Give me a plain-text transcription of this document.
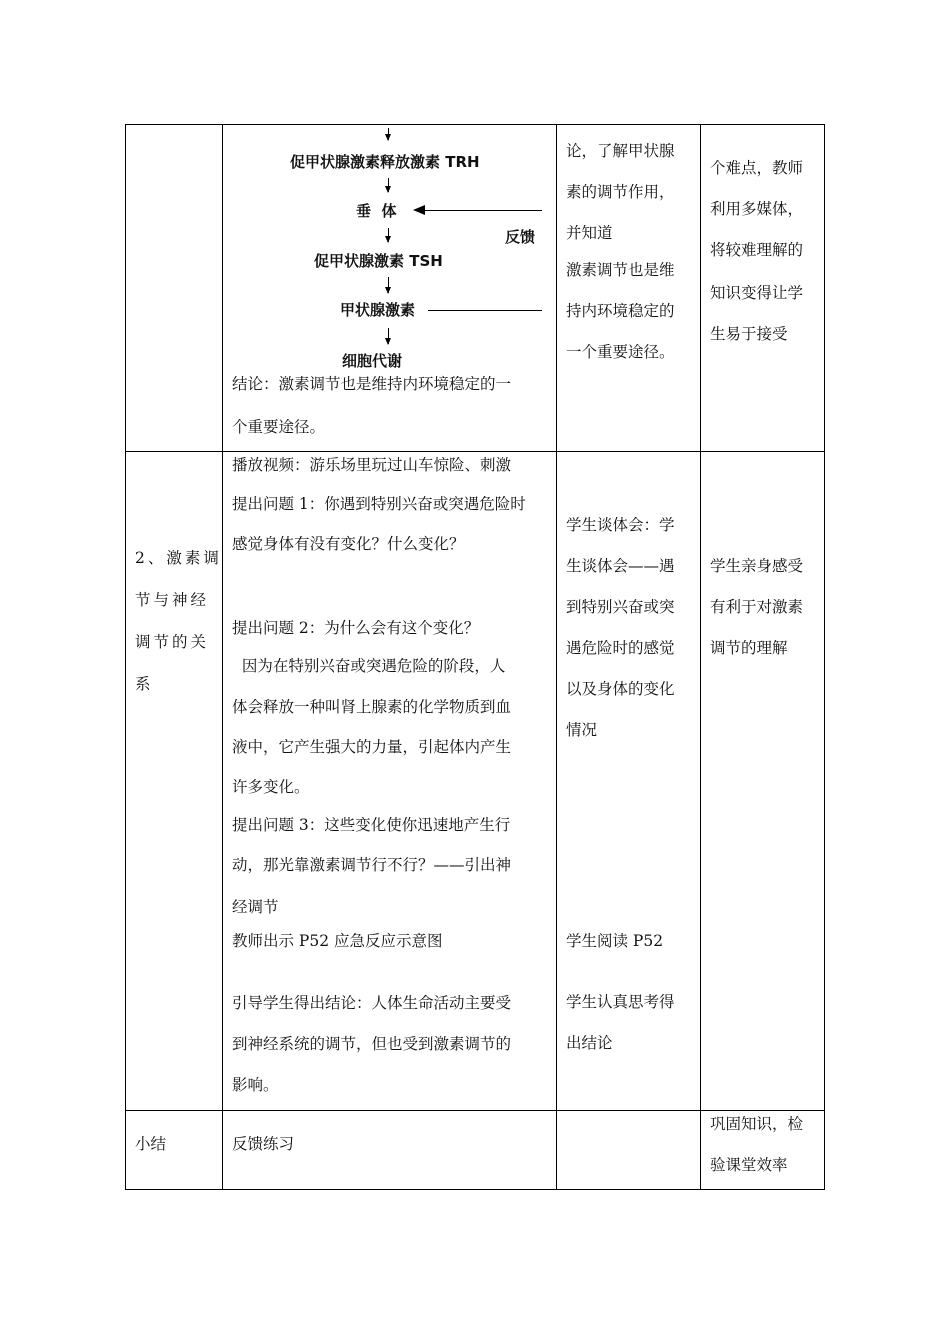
促甲状腺激素释放激素 TRH
垂  体
反馈
促甲状腺激素 TSH
甲状腺激素
细胞代谢
结论：激素调节也是维持内环境稳定的一
个重要途径。
论，了解甲状腺
素的调节作用，
并知道
激素调节也是维
持内环境稳定的
一个重要途径。
个难点，教师
利用多媒体，
将较难理解的
知识变得让学
生易于接受
2、激素调
节与神经
调节的关
系
播放视频：游乐场里玩过山车惊险、刺激
提出问题 1：你遇到特别兴奋或突遇危险时
感觉身体有没有变化？什么变化？
提出问题 2：为什么会有这个变化？
因为在特别兴奋或突遇危险的阶段，人
体会释放一种叫肾上腺素的化学物质到血
液中，它产生强大的力量，引起体内产生
许多变化。
提出问题 3：这些变化使你迅速地产生行
动，那光靠激素调节行不行？——引出神
经调节
教师出示 P52 应急反应示意图
引导学生得出结论：人体生命活动主要受
到神经系统的调节，但也受到激素调节的
影响。
学生谈体会：学
生谈体会——遇
到特别兴奋或突
遇危险时的感觉
以及身体的变化
情况
学生阅读 P52
学生认真思考得
出结论
学生亲身感受
有利于对激素
调节的理解
小结	反馈练习
巩固知识，检
验课堂效率
